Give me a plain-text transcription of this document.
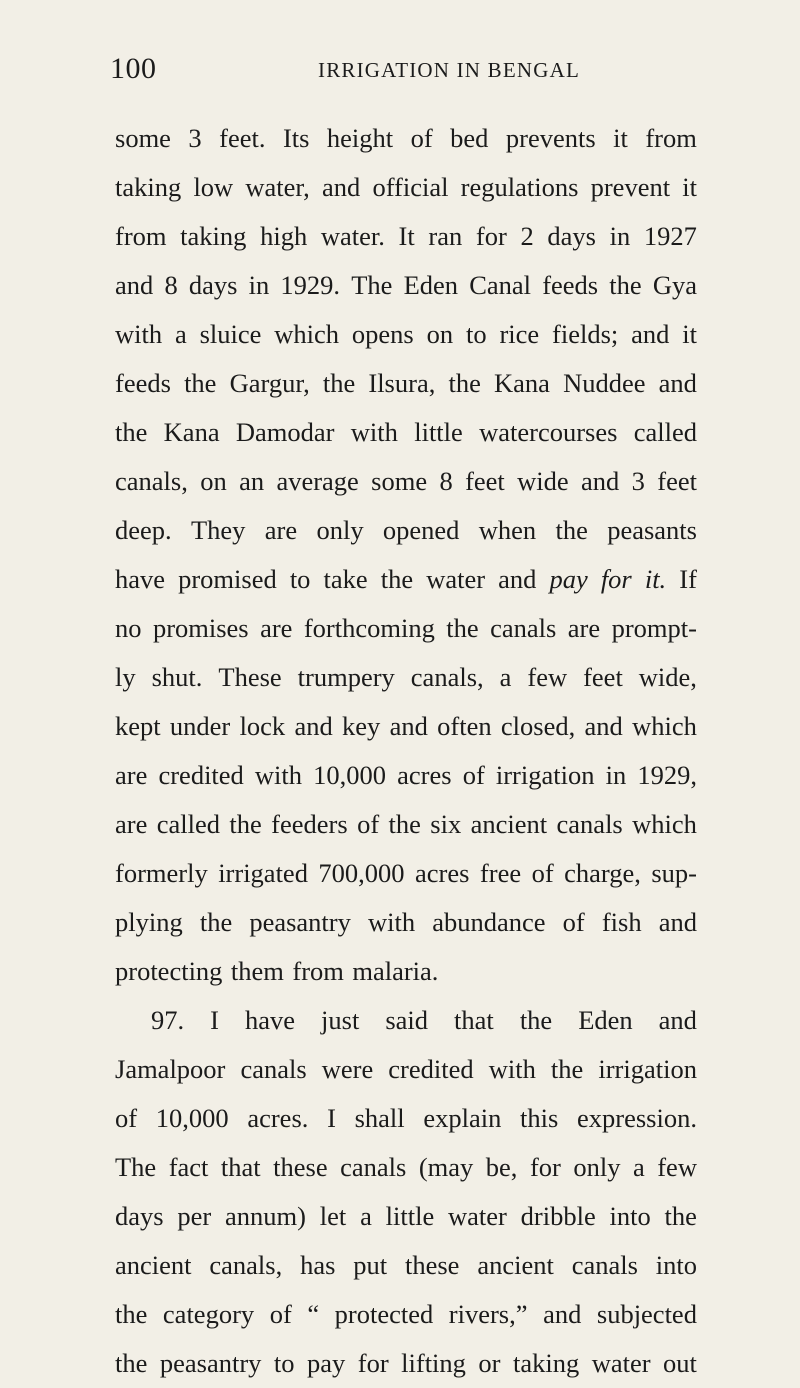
100	IRRIGATION IN BENGAL
some 3 feet. Its height of bed prevents it from
taking low water, and official regulations prevent it
from taking high water. It ran for 2 days in 1927
and 8 days in 1929. The Eden Canal feeds the Gya
with a sluice which opens on to rice fields; and it
feeds the Gargur, the Ilsura, the Kana Nuddee and
the Kana Damodar with little watercourses called
canals, on an average some 8 feet wide and 3 feet
deep. They are only opened when the peasants
have promised to take the water and pay for it. If
no promises are forthcoming the canals are prompt-
ly shut. These trumpery canals, a few feet wide,
kept under lock and key and often closed, and which
are credited with 10,000 acres of irrigation in 1929,
are called the feeders of the six ancient canals which
formerly irrigated 700,000 acres free of charge, sup-
plying the peasantry with abundance of fish and
protecting them from malaria.
97. I have just said that the Eden and
Jamalpoor canals were credited with the irrigation
of 10,000 acres. I shall explain this expression.
The fact that these canals (may be, for only a few
days per annum) let a little water dribble into the
ancient canals, has put these ancient canals into
the category of “ protected rivers,” and subjected
the peasantry to pay for lifting or taking water out
